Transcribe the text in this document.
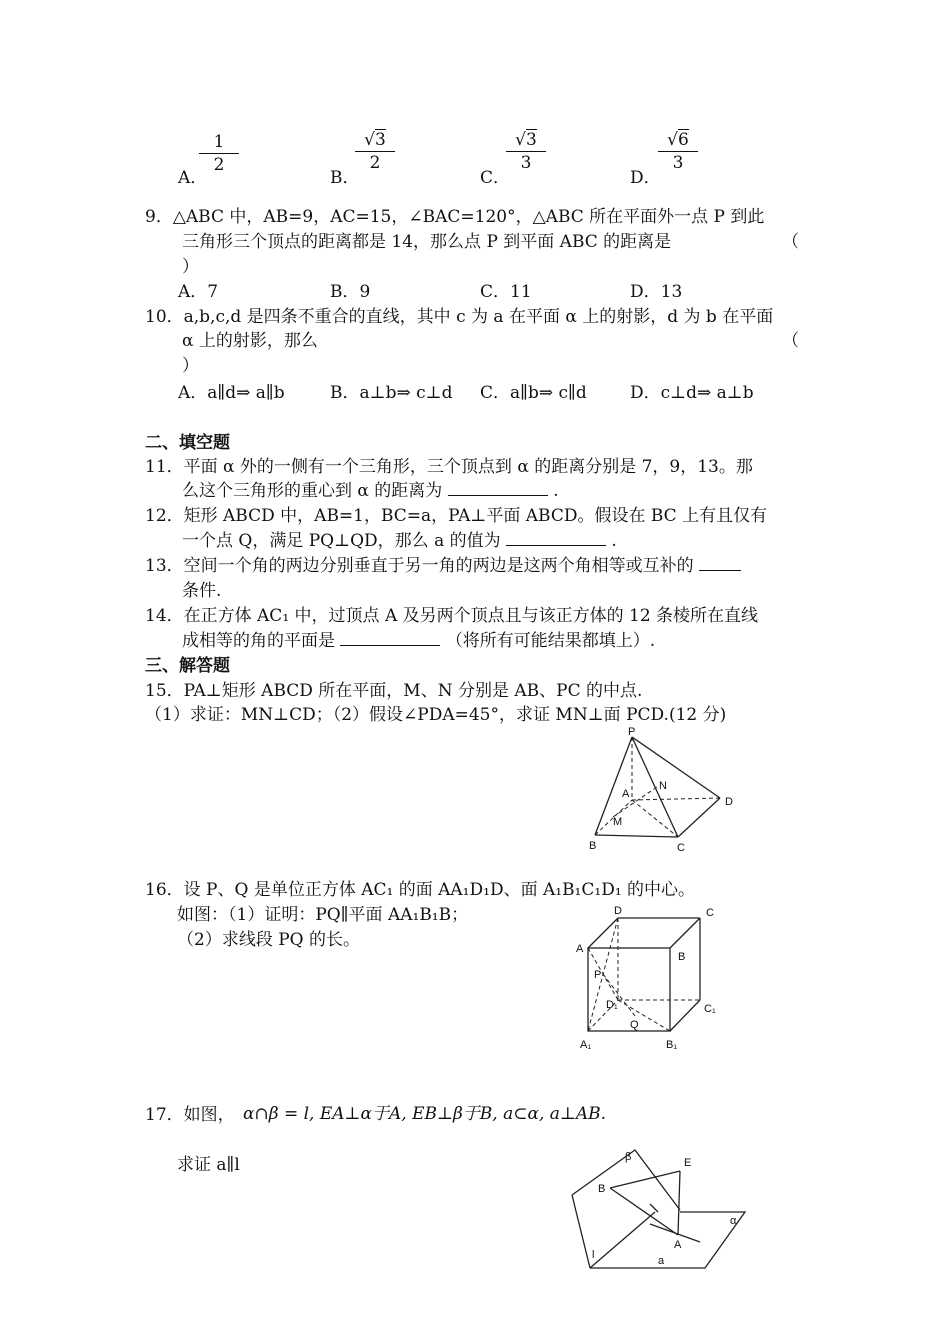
A．
$\frac{1}{2}$
B．
$\frac{√3}{2}$
C．
$\frac{√3}{3}$
D．
$\frac{√6}{3}$
9．△ABC 中，AB=9，AC=15，∠BAC=120°，△ABC 所在平面外一点 P 到此
三角形三个顶点的距离都是 14，那么点 P 到平面 ABC 的距离是	（
）
A．7	B．9	C．11	D．13
10．a,b,c,d 是四条不重合的直线，其中 c 为 a 在平面 α 上的射影，d 为 b 在平面
α 上的射影，那么	（
）
A．a∥d⇒ a∥b	B．a⊥b⇒ c⊥d C．a∥b⇒ c∥d	D．c⊥d⇒ a⊥b
二、填空题
11．平面 α 外的一侧有一个三角形，三个顶点到 α 的距离分别是 7，9，13。那
么这个三角形的重心到 α 的距离为	.
12．矩形 ABCD 中，AB=1，BC=a，PA⊥平面 ABCD。假设在 BC 上有且仅有
一个点 Q，满足 PQ⊥QD，那么 a 的值为	.
13．空间一个角的两边分别垂直于另一角的两边是这两个角相等或互补的
条件.
14．在正方体 AC₁ 中，过顶点 A 及另两个顶点且与该正方体的 12 条棱所在直线
成相等的角的平面是	（将所有可能结果都填上）.
三、解答题
15．PA⊥矩形 ABCD 所在平面，M、N 分别是 AB、PC 的中点.
（1）求证：MN⊥CD；（2）假设∠PDA=45°，求证 MN⊥面 PCD.(12 分)
P
A
N
D
M
B	C
16．设 P、Q 是单位正方体 AC₁ 的面 AA₁D₁D、面 A₁B₁C₁D₁ 的中心。
如图：（1）证明：PQ∥平面 AA₁B₁B；
（2）求线段 PQ 的长。
D	C
A
B
P
D₁	C₁
Q
A₁	B₁
17．如图， α∩β = l, EA⊥α于A, EB⊥β于B, a⊂α, a⊥AB.
求证 a∥l	β	E
B
A
α
l	a
